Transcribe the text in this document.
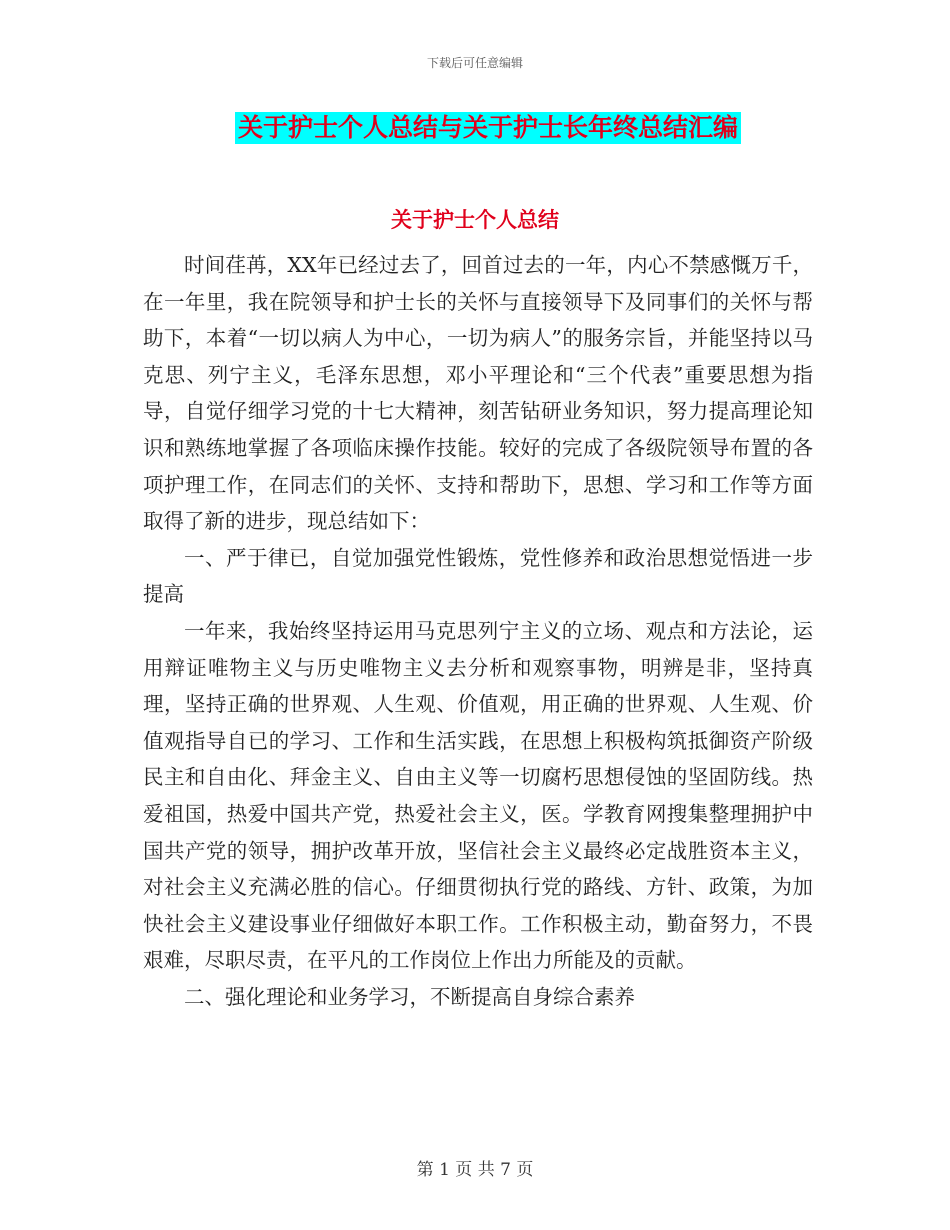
下载后可任意编辑
关于护士个人总结与关于护士长年终总结汇编
关于护士个人总结

时间荏苒，XX年已经过去了，回首过去的一年，内心不禁感慨万千，在一年里，我在院领导和护士长的关怀与直接领导下及同事们的关怀与帮助下，本着“一切以病人为中心，一切为病人”的服务宗旨，并能坚持以马克思、列宁主义，毛泽东思想，邓小平理论和“三个代表”重要思想为指导，自觉仔细学习党的十七大精神，刻苦钻研业务知识，努力提高理论知识和熟练地掌握了各项临床操作技能。较好的完成了各级院领导布置的各项护理工作，在同志们的关怀、支持和帮助下，思想、学习和工作等方面取得了新的进步，现总结如下：

一、严于律已，自觉加强党性锻炼，党性修养和政治思想觉悟进一步提高

一年来，我始终坚持运用马克思列宁主义的立场、观点和方法论，运用辩证唯物主义与历史唯物主义去分析和观察事物，明辨是非，坚持真理，坚持正确的世界观、人生观、价值观，用正确的世界观、人生观、价值观指导自已的学习、工作和生活实践，在思想上积极构筑抵御资产阶级民主和自由化、拜金主义、自由主义等一切腐朽思想侵蚀的坚固防线。热爱祖国，热爱中国共产党，热爱社会主义，医。学教育网搜集整理拥护中国共产党的领导，拥护改革开放，坚信社会主义最终必定战胜资本主义，对社会主义充满必胜的信心。仔细贯彻执行党的路线、方针、政策，为加快社会主义建设事业仔细做好本职工作。工作积极主动，勤奋努力，不畏艰难，尽职尽责，在平凡的工作岗位上作出力所能及的贡献。

二、强化理论和业务学习，不断提高自身综合素养

第 1 页 共 7 页
